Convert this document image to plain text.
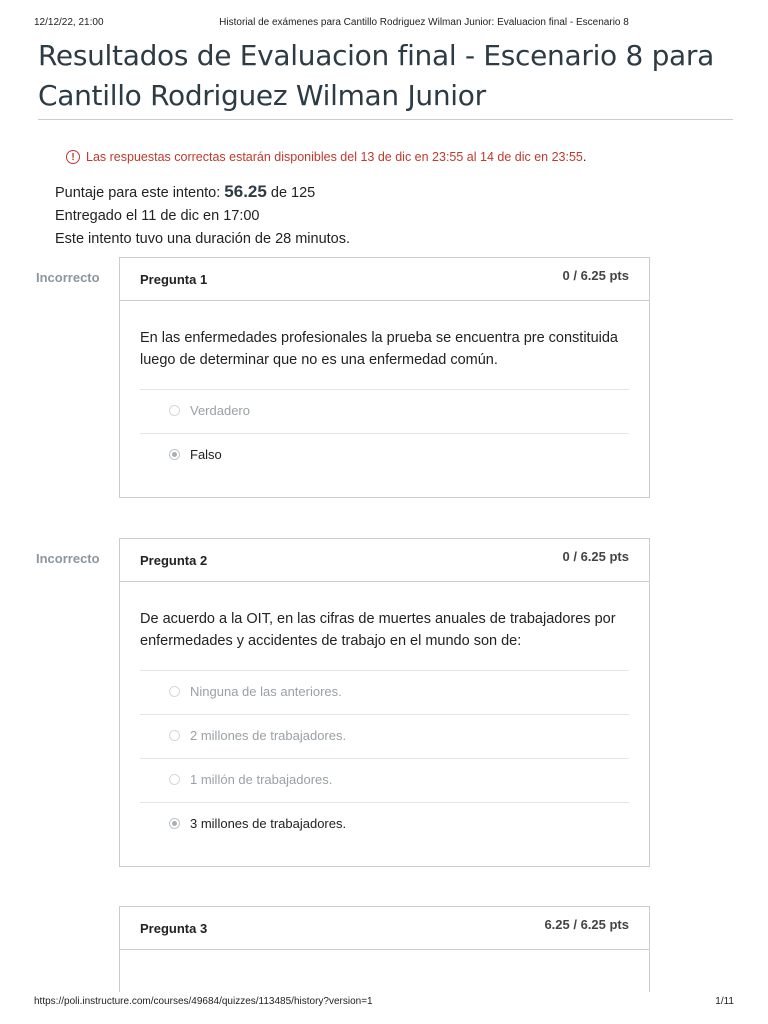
12/12/22, 21:00	Historial de exámenes para Cantillo Rodriguez Wilman Junior: Evaluacion final - Escenario 8
Resultados de Evaluacion final - Escenario 8 para Cantillo Rodriguez Wilman Junior
! Las respuestas correctas estarán disponibles del 13 de dic en 23:55 al 14 de dic en 23:55 .
Puntaje para este intento: 56.25 de 125
Entregado el 11 de dic en 17:00
Este intento tuvo una duración de 28 minutos.
Incorrecto	Pregunta 1	0 / 6.25 pts
En las enfermedades profesionales la prueba se encuentra pre constituida luego de determinar que no es una enfermedad común.
Verdadero
Falso
Incorrecto	Pregunta 2	0 / 6.25 pts
De acuerdo a la OIT, en las cifras de muertes anuales de trabajadores por enfermedades y accidentes de trabajo en el mundo son de:
Ninguna de las anteriores.
2 millones de trabajadores.
1 millón de trabajadores.
3 millones de trabajadores.
Pregunta 3	6.25 / 6.25 pts
https://poli.instructure.com/courses/49684/quizzes/113485/history?version=1	1/11
